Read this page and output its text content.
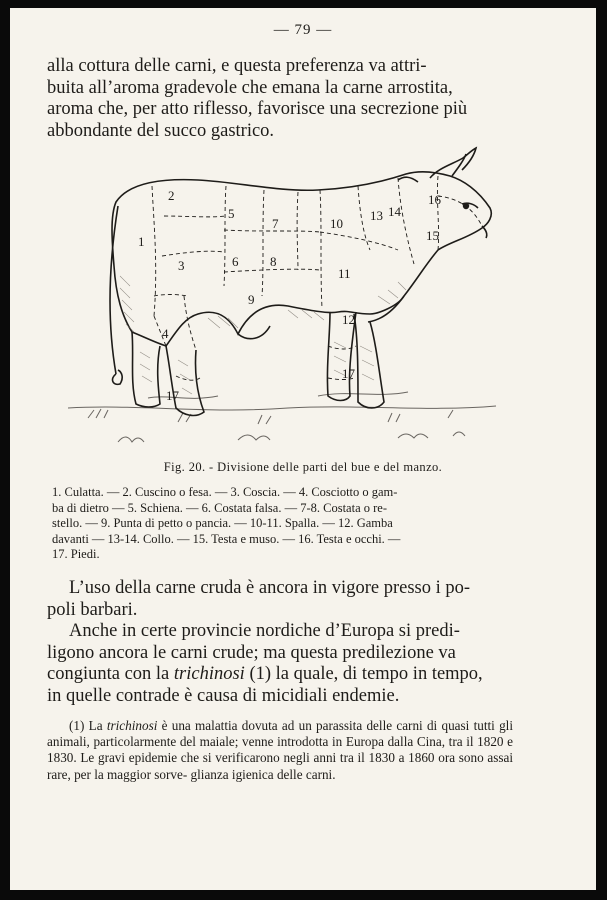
— 79 —

alla cottura delle carni, e questa preferenza va attri-
buita all’aroma gradevole che emana la carne arrostita,
aroma che, per atto riflesso, favorisce una secrezione più
abbondante del succo gastrico.

1
2
3
4
5
6
7
8
9
10
11
12
13 14
15
16
17
17
Fig. 20. - Divisione delle parti del bue e del manzo.

1. Culatta. — 2. Cuscino o fesa. — 3. Coscia. — 4. Cosciotto o gam-
ba di dietro — 5. Schiena. — 6. Costata falsa. — 7-8. Costata o re-
stello. — 9. Punta di petto o pancia. — 10-11. Spalla. — 12. Gamba
davanti — 13-14. Collo. — 15. Testa e muso. — 16. Testa e occhi. —
17. Piedi.

L’uso della carne cruda è ancora in vigore presso i po-
poli barbari.

Anche in certe provincie nordiche d’Europa si predi-
ligono ancora le carni crude; ma questa predilezione va
congiunta con la trichinosi (1) la quale, di tempo in tempo,
in quelle contrade è causa di micidiali endemie.

(1) La trichinosi è una malattia dovuta ad un parassita delle carni di quasi tutti gli animali, particolarmente del maiale; venne introdotta in Europa dalla Cina, tra il 1820 e 1830. Le gravi epidemie che si verificarono negli anni tra il 1830 a 1860 ora sono assai rare, per la maggior sorve- glianza igienica delle carni.
